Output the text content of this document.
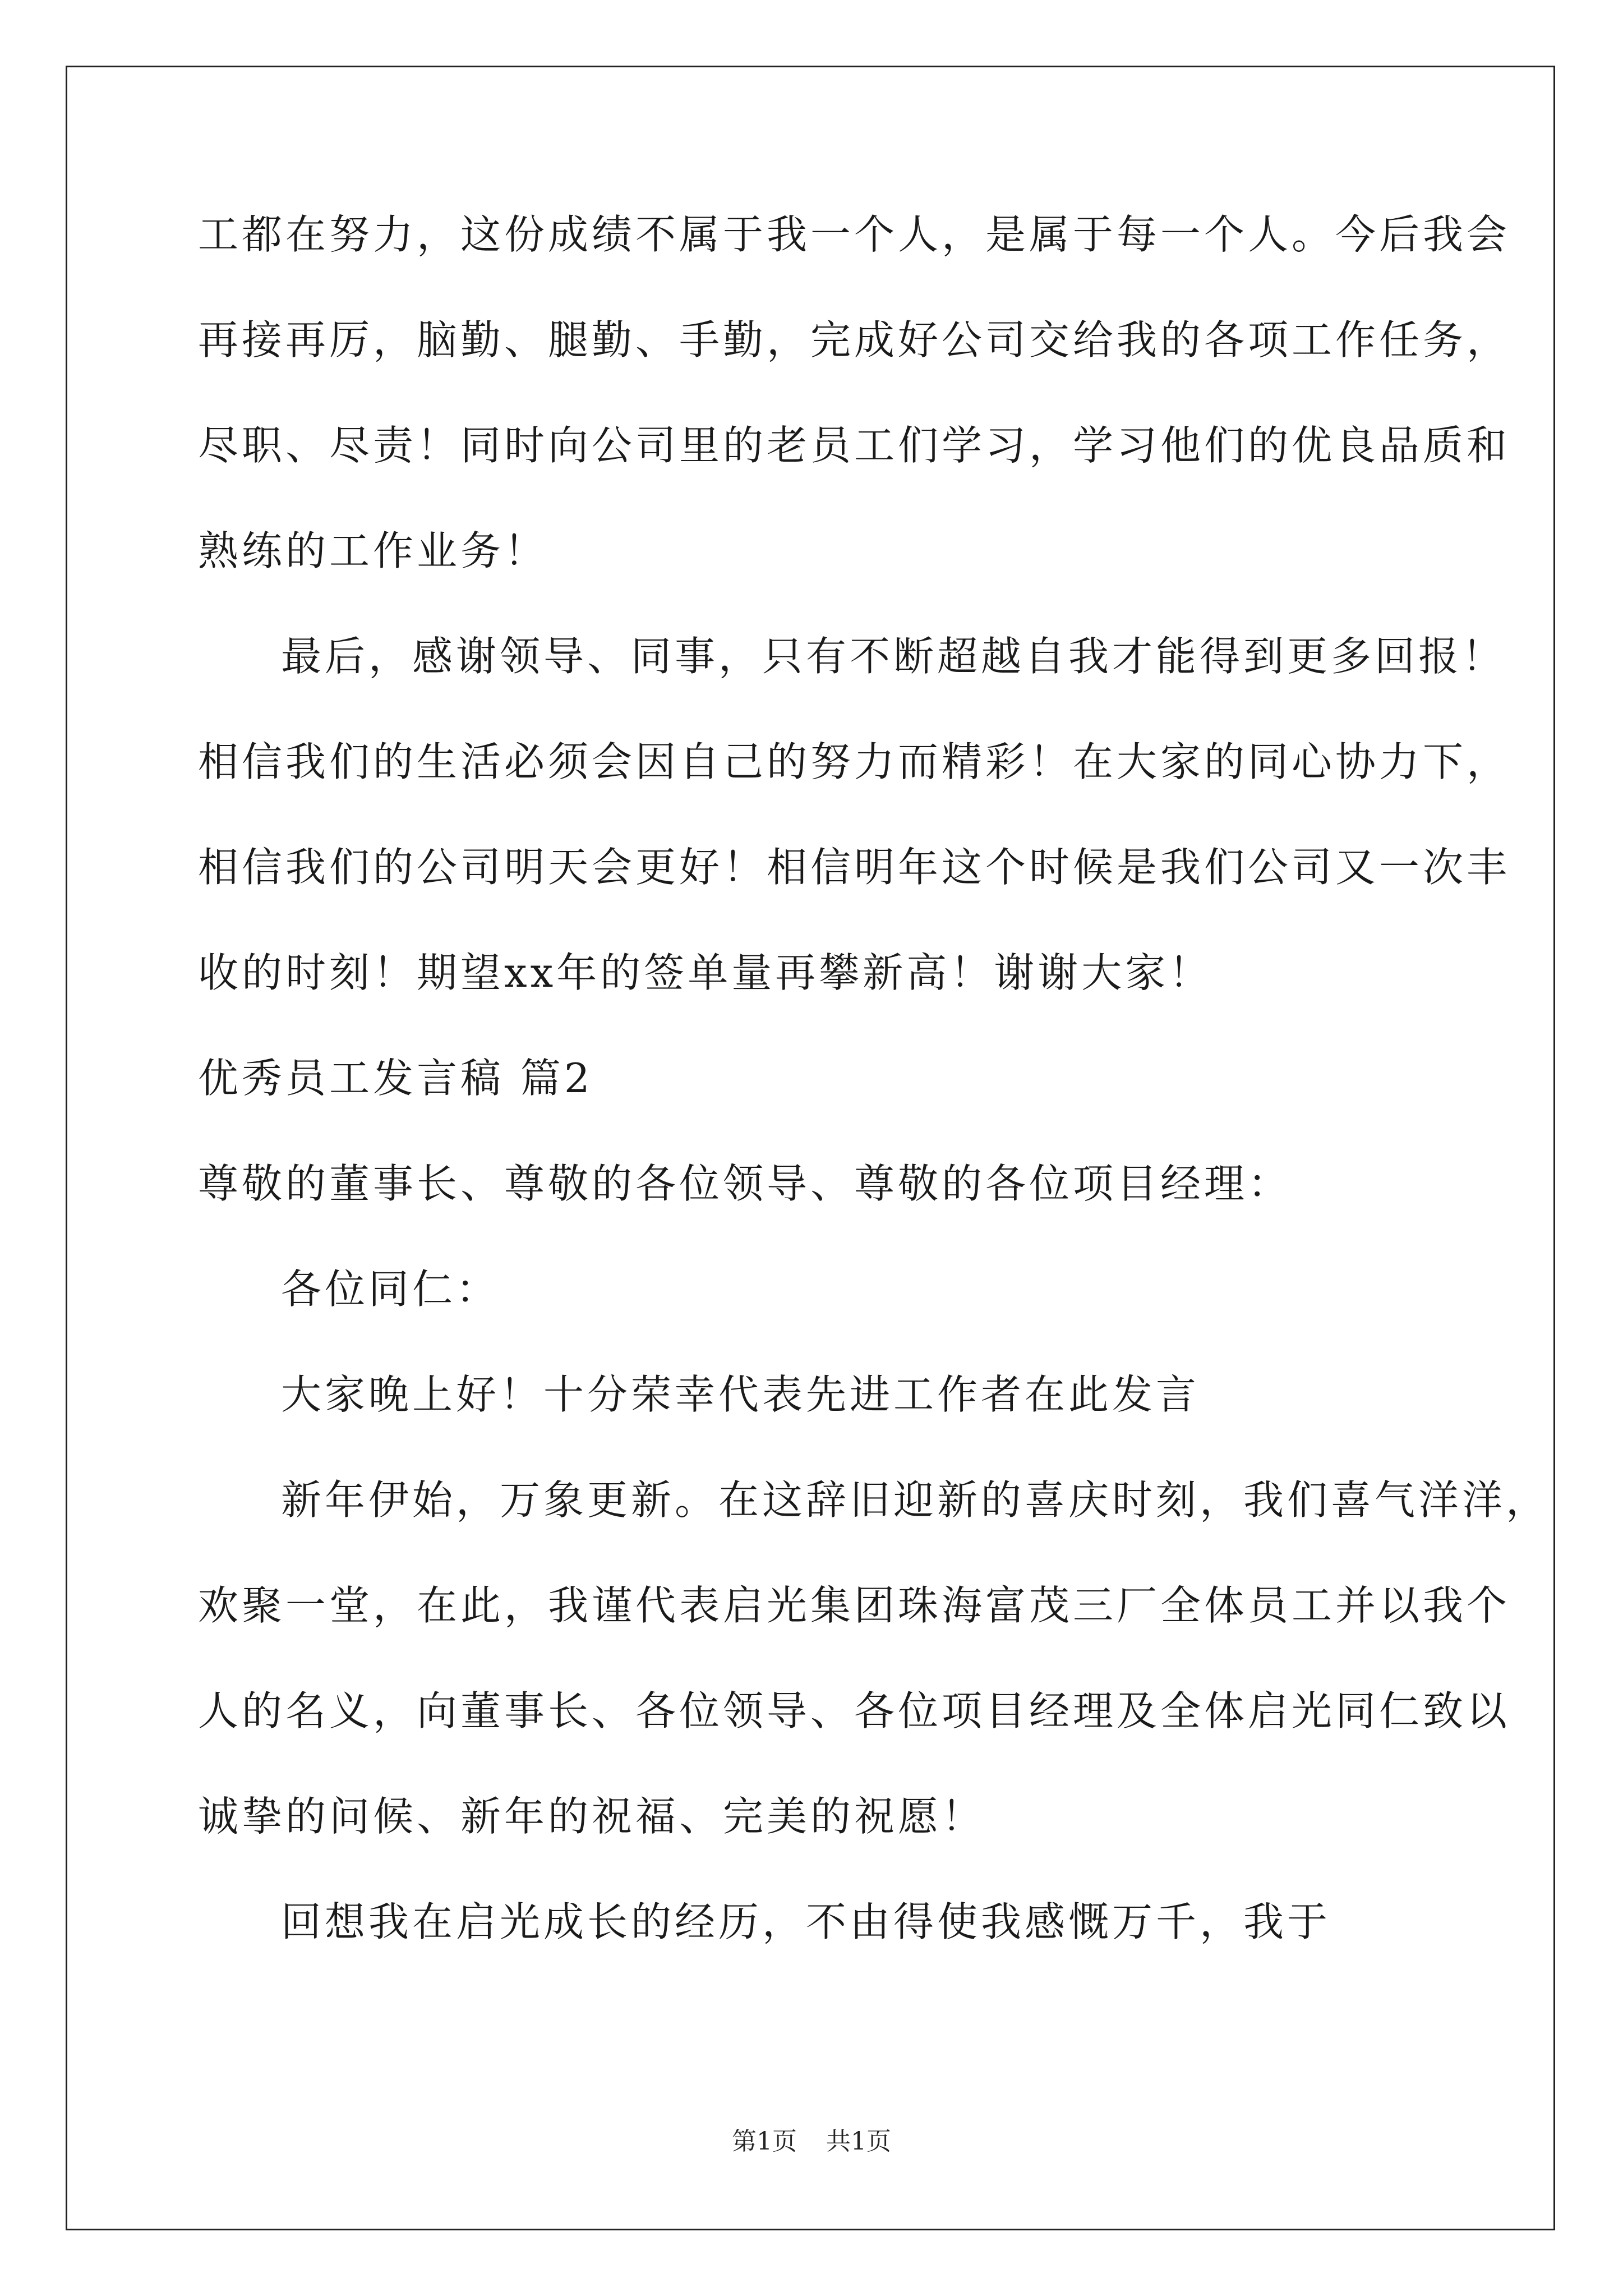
工都在努力，这份成绩不属于我一个人，是属于每一个人。今后我会
再接再厉，脑勤、腿勤、手勤，完成好公司交给我的各项工作任务，
尽职、尽责！同时向公司里的老员工们学习，学习他们的优良品质和
熟练的工作业务！
最后，感谢领导、同事，只有不断超越自我才能得到更多回报！
相信我们的生活必须会因自己的努力而精彩！在大家的同心协力下，
相信我们的公司明天会更好！相信明年这个时候是我们公司又一次丰
收的时刻！期望xx年的签单量再攀新高！谢谢大家！
优秀员工发言稿 篇2
尊敬的董事长、尊敬的各位领导、尊敬的各位项目经理：
各位同仁：
大家晚上好！十分荣幸代表先进工作者在此发言
新年伊始，万象更新。在这辞旧迎新的喜庆时刻，我们喜气洋洋，
欢聚一堂，在此，我谨代表启光集团珠海富茂三厂全体员工并以我个
人的名义，向董事长、各位领导、各位项目经理及全体启光同仁致以
诚挚的问候、新年的祝福、完美的祝愿！
回想我在启光成长的经历，不由得使我感慨万千，我于
第1页 共1页
